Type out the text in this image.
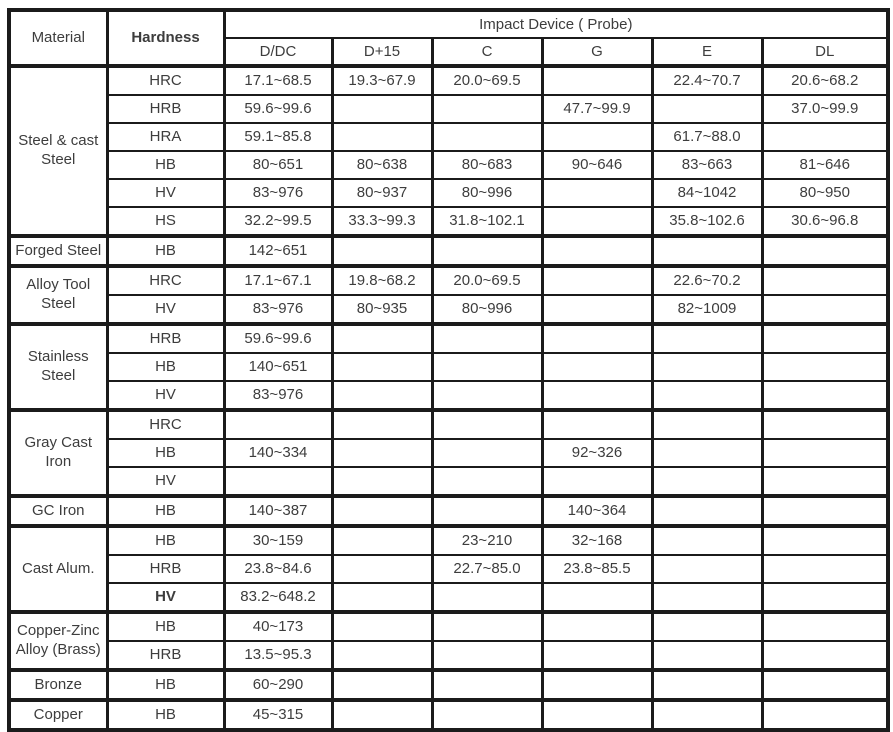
Material	Hardness	Impact Device ( Probe)					
		D/DC	D+15	C	G	E	DL
Steel & cast Steel	HRC	17.1~68.5	19.3~67.9	20.0~69.5		22.4~70.7	20.6~68.2
	HRB	59.6~99.6			47.7~99.9		37.0~99.9
	HRA	59.1~85.8				61.7~88.0	
	HB	80~651	80~638	80~683	90~646	83~663	81~646
	HV	83~976	80~937	80~996		84~1042	80~950
	HS	32.2~99.5	33.3~99.3	31.8~102.1		35.8~102.6	30.6~96.8
Forged Steel	HB	142~651					
Alloy Tool Steel	HRC	17.1~67.1	19.8~68.2	20.0~69.5		22.6~70.2	
	HV	83~976	80~935	80~996		82~1009	
Stainless Steel	HRB	59.6~99.6					
	HB	140~651					
	HV	83~976					
Gray Cast Iron	HRC						
	HB	140~334			92~326		
	HV						
GC Iron	HB	140~387			140~364		
Cast Alum.	HB	30~159		23~210	32~168		
	HRB	23.8~84.6		22.7~85.0	23.8~85.5		
	HV	83.2~648.2					
Copper-Zinc Alloy (Brass)	HB	40~173					
	HRB	13.5~95.3					
Bronze	HB	60~290					
Copper	HB	45~315					
